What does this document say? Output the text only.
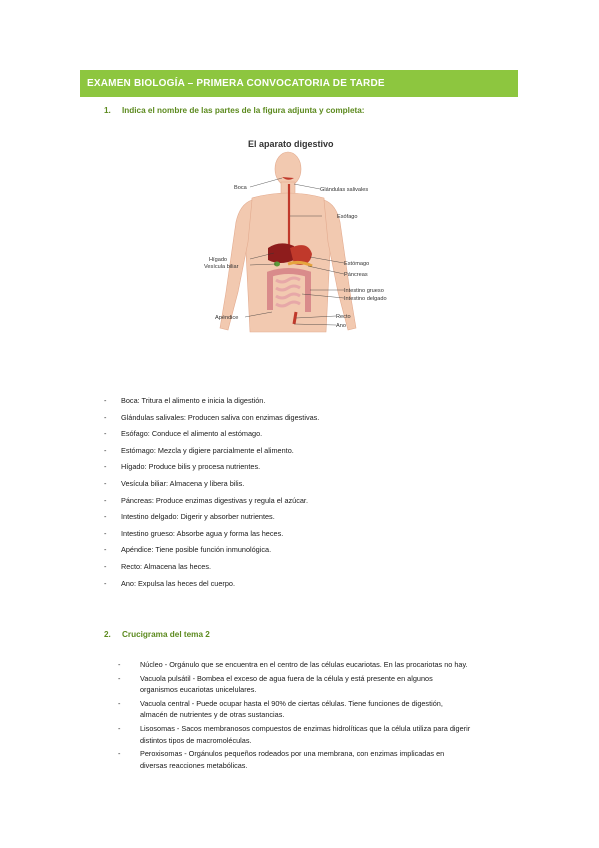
EXAMEN BIOLOGÍA – PRIMERA CONVOCATORIA DE TARDE
1. Indica el nombre de las partes de la figura adjunta y completa:
El aparato digestivo
Boca	Glándulas salivales
Esófago
Hígado
Vesícula biliar	Estómago
Páncreas
Intestino grueso
Intestino delgado
Apéndice	Recto
Ano
- Boca: Tritura el alimento e inicia la digestión.
- Glándulas salivales: Producen saliva con enzimas digestivas.
- Esófago: Conduce el alimento al estómago.
- Estómago: Mezcla y digiere parcialmente el alimento.
- Hígado: Produce bilis y procesa nutrientes.
- Vesícula biliar: Almacena y libera bilis.
- Páncreas: Produce enzimas digestivas y regula el azúcar.
- Intestino delgado: Digerir y absorber nutrientes.
- Intestino grueso: Absorbe agua y forma las heces.
- Apéndice: Tiene posible función inmunológica.
- Recto: Almacena las heces.
- Ano: Expulsa las heces del cuerpo.
2. Crucigrama del tema 2
-	Núcleo - Orgánulo que se encuentra en el centro de las células eucariotas. En las procariotas no hay.
-	Vacuola pulsátil - Bombea el exceso de agua fuera de la célula y está presente en algunos
organismos eucariotas unicelulares.
-	Vacuola central - Puede ocupar hasta el 90% de ciertas células. Tiene funciones de digestión,
almacén de nutrientes y de otras sustancias.
-	Lisosomas - Sacos membranosos compuestos de enzimas hidrolíticas que la célula utiliza para digerir
distintos tipos de macromoléculas.
-	Peroxisomas - Orgánulos pequeños rodeados por una membrana, con enzimas implicadas en
diversas reacciones metabólicas.
